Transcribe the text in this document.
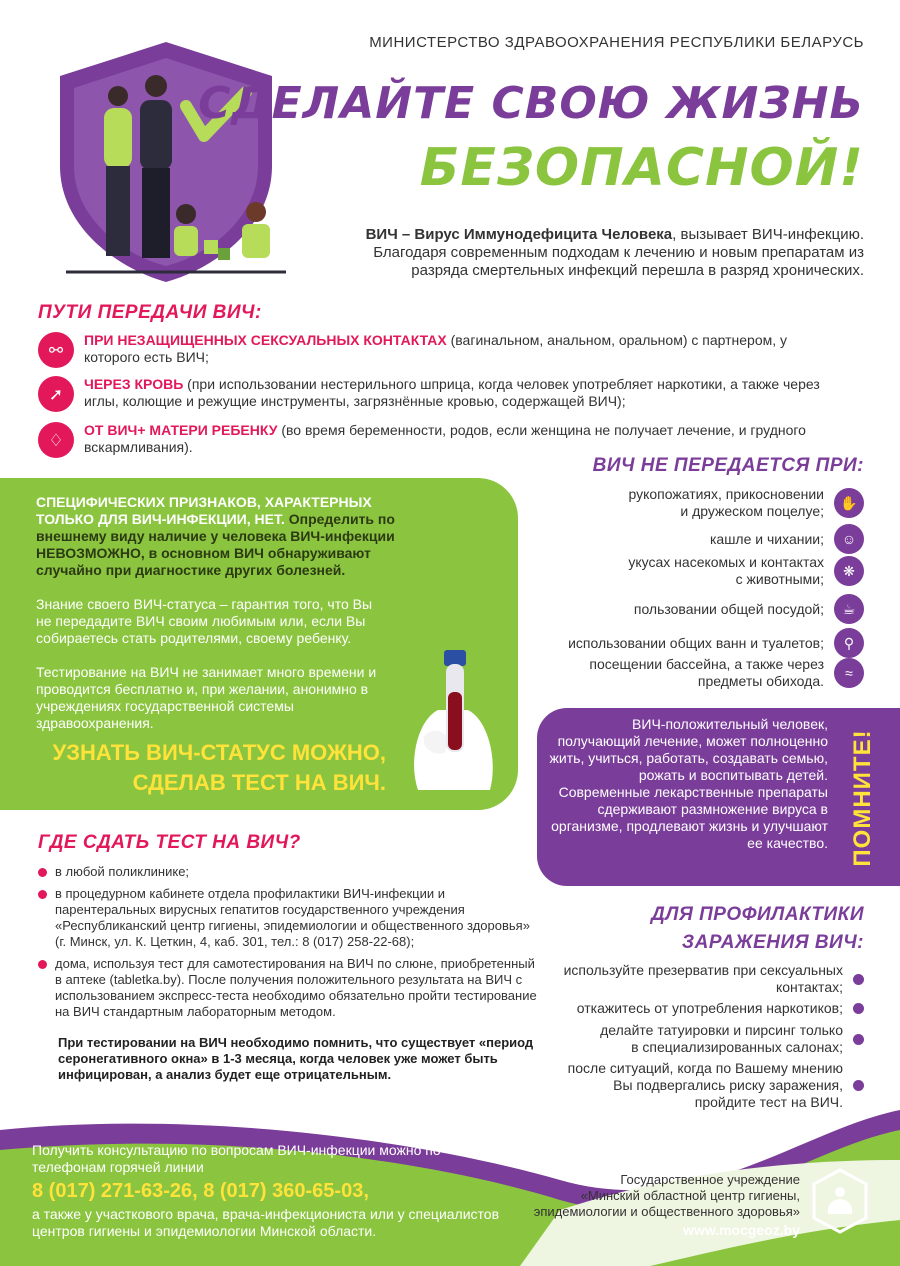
МИНИСТЕРСТВО ЗДРАВООХРАНЕНИЯ РЕСПУБЛИКИ БЕЛАРУСЬ
СДЕЛАЙТЕ СВОЮ ЖИЗНЬ
БЕЗОПАСНОЙ!
ВИЧ – Вирус Иммунодефицита Человека, вызывает ВИЧ-инфекцию. Благодаря современным подходам к лечению и новым препаратам из разряда смертельных инфекций перешла в разряд хронических.
ПУТИ ПЕРЕДАЧИ ВИЧ:
⚯
ПРИ НЕЗАЩИЩЕННЫХ СЕКСУАЛЬНЫХ КОНТАКТАХ (вагинальном, анальном, оральном) с партнером, у которого есть ВИЧ;
➚
ЧЕРЕЗ КРОВЬ (при использовании нестерильного шприца, когда человек употребляет наркотики, а также через иглы, колющие и режущие инструменты, загрязнённые кровью, содержащей ВИЧ);
♢
ОТ ВИЧ+ МАТЕРИ РЕБЕНКУ (во время беременности, родов, если женщина не получает лечение, и грудного вскармливания).
СПЕЦИФИЧЕСКИХ ПРИЗНАКОВ, ХАРАКТЕРНЫХ ТОЛЬКО ДЛЯ ВИЧ-ИНФЕКЦИИ, НЕТ. Определить по внешнему виду наличие у человека ВИЧ-инфекции НЕВОЗМОЖНО, в основном ВИЧ обнаруживают случайно при диагностике других болезней.
Знание своего ВИЧ-статуса – гарантия того, что Вы не передадите ВИЧ своим любимым или, если Вы собираетесь стать родителями, своему ребенку.
Тестирование на ВИЧ не занимает много времени и проводится бесплатно и, при желании, анонимно в учреждениях государственной системы здравоохранения.
УЗНАТЬ ВИЧ-СТАТУС МОЖНО,
СДЕЛАВ ТЕСТ НА ВИЧ.
ВИЧ НЕ ПЕРЕДАЕТСЯ ПРИ:
рукопожатиях, прикосновении
и дружеском поцелуе;
✋
кашле и чихании;	☺
укусах насекомых и контактах
с животными;
❋
пользовании общей посудой;	☕
использовании общих ванн и туалетов;	⚲
посещении бассейна, а также через
предметы обихода.
≈
ВИЧ-положительный человек, получающий лечение, может полноценно жить, учиться, работать, создавать семью, рожать и воспитывать детей. Современные лекарственные препараты сдерживают размножение вируса в организме, продлевают жизнь и улучшают ее качество. ПОМНИТЕ!
ГДЕ СДАТЬ ТЕСТ НА ВИЧ?
в любой поликлинике;
в процедурном кабинете отдела профилактики ВИЧ-инфекции и парентеральных вирусных гепатитов государственного учреждения «Республиканский центр гигиены, эпидемиологии и общественного здоровья» (г. Минск, ул. К. Цеткин, 4, каб. 301, тел.: 8 (017) 258-22-68);
дома, используя тест для самотестирования на ВИЧ по слюне, приобретенный в аптеке (tabletka.by). После получения положительного результата на ВИЧ с использованием экспресс-теста необходимо обязательно пройти тестирование на ВИЧ стандартным лабораторным методом.
При тестировании на ВИЧ необходимо помнить, что существует «период серонегативного окна» в 1-3 месяца, когда человек уже может быть инфицирован, а анализ будет еще отрицательным.
ДЛЯ ПРОФИЛАКТИКИ
ЗАРАЖЕНИЯ ВИЧ:
используйте презерватив при сексуальных
контактах;
откажитесь от употребления наркотиков;
делайте татуировки и пирсинг только
в специализированных салонах;
после ситуаций, когда по Вашему мнению
Вы подвергались риску заражения,
пройдите тест на ВИЧ.
Получить консультацию по вопросам ВИЧ-инфекции можно по телефонам горячей линии
8 (017) 271-63-26, 8 (017) 360-65-03,
а также у участкового врача, врача-инфекциониста или у специалистов центров гигиены и эпидемиологии Минской области.
Государственное учреждение
«Минский областной центр гигиены,
эпидемиологии и общественного здоровья»
www.mocgeoz.by
